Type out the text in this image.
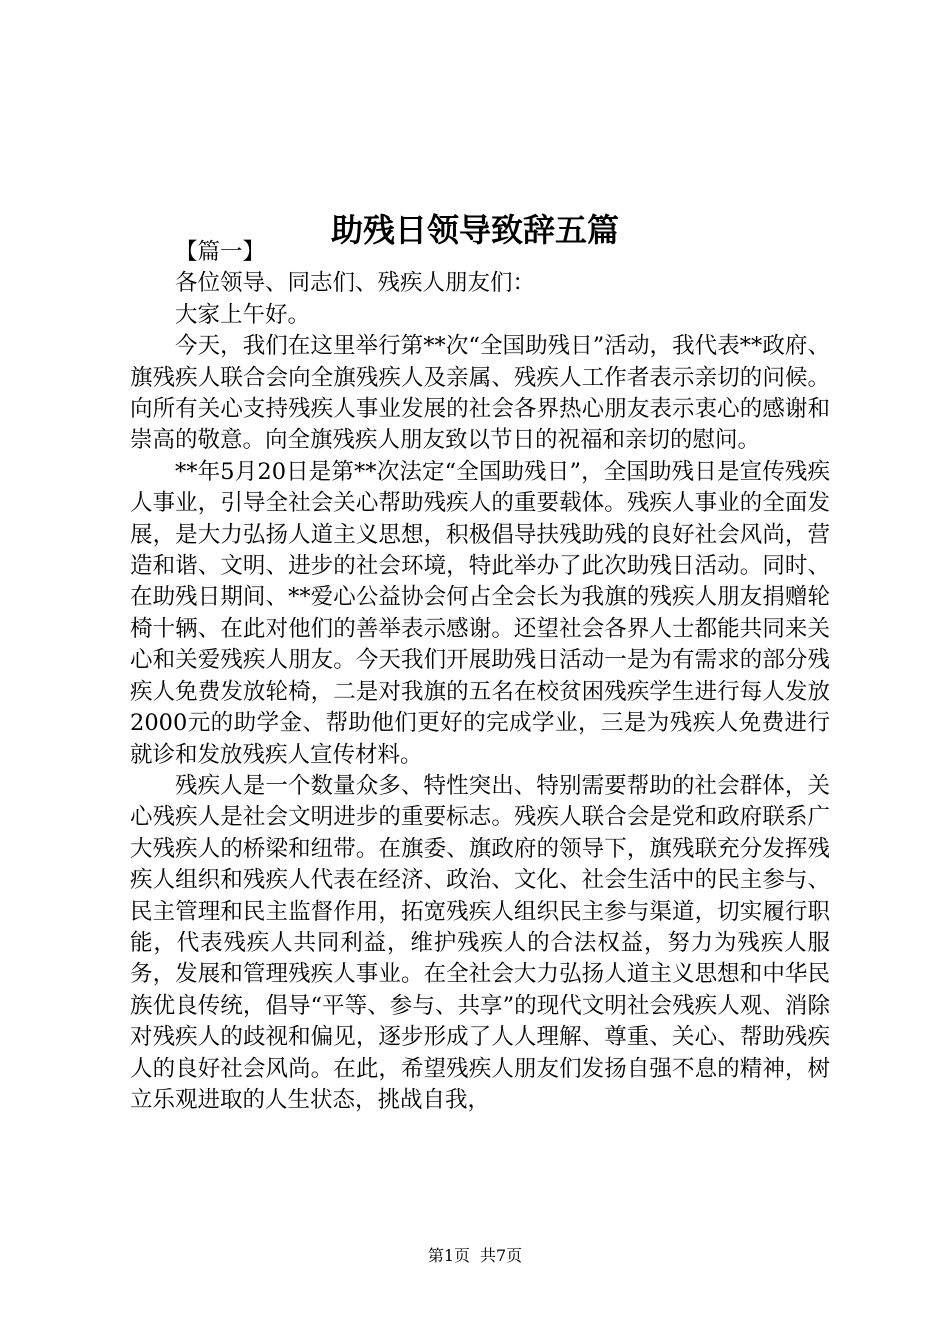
助残日领导致辞五篇

【篇一】

各位领导、同志们、残疾人朋友们：

大家上午好。

今天，我们在这里举行第**次“全国助残日”活动，我代表**政府、旗残疾人联合会向全旗残疾人及亲属、残疾人工作者表示亲切的问候。向所有关心支持残疾人事业发展的社会各界热心朋友表示衷心的感谢和崇高的敬意。向全旗残疾人朋友致以节日的祝福和亲切的慰问。

**年5月20日是第**次法定“全国助残日”，全国助残日是宣传残疾人事业，引导全社会关心帮助残疾人的重要载体。残疾人事业的全面发展，是大力弘扬人道主义思想，积极倡导扶残助残的良好社会风尚，营造和谐、文明、进步的社会环境，特此举办了此次助残日活动。同时、在助残日期间、**爱心公益协会何占全会长为我旗的残疾人朋友捐赠轮椅十辆、在此对他们的善举表示感谢。还望社会各界人士都能共同来关心和关爱残疾人朋友。今天我们开展助残日活动一是为有需求的部分残疾人免费发放轮椅，二是对我旗的五名在校贫困残疾学生进行每人发放2000元的助学金、帮助他们更好的完成学业，三是为残疾人免费进行就诊和发放残疾人宣传材料。

残疾人是一个数量众多、特性突出、特别需要帮助的社会群体，关心残疾人是社会文明进步的重要标志。残疾人联合会是党和政府联系广大残疾人的桥梁和纽带。在旗委、旗政府的领导下，旗残联充分发挥残疾人组织和残疾人代表在经济、政治、文化、社会生活中的民主参与、民主管理和民主监督作用，拓宽残疾人组织民主参与渠道，切实履行职能，代表残疾人共同利益，维护残疾人的合法权益，努力为残疾人服务，发展和管理残疾人事业。在全社会大力弘扬人道主义思想和中华民族优良传统，倡导“平等、参与、共享”的现代文明社会残疾人观、消除对残疾人的歧视和偏见，逐步形成了人人理解、尊重、关心、帮助残疾人的良好社会风尚。在此，希望残疾人朋友们发扬自强不息的精神，树立乐观进取的人生状态，挑战自我，

第1页 共7页
